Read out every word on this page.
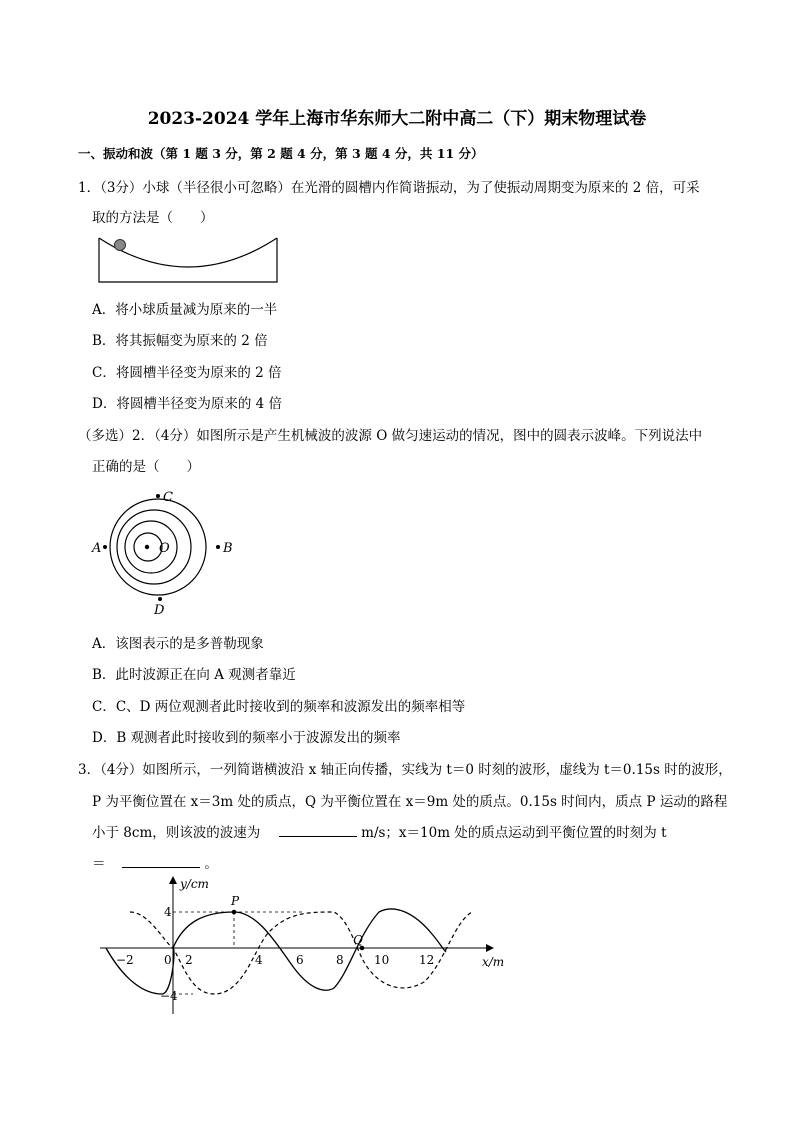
2023-2024 学年上海市华东师大二附中高二（下）期末物理试卷
一、振动和波（第 1 题 3 分，第 2 题 4 分，第 3 题 4 分，共 11 分）
1．（3分）小球（半径很小可忽略）在光滑的圆槽内作简谐振动，为了使振动周期变为原来的 2 倍，可采
取的方法是（　　）
A．将小球质量减为原来的一半
B．将其振幅变为原来的 2 倍
C．将圆槽半径变为原来的 2 倍
D．将圆槽半径变为原来的 4 倍
（多选）2．（4分）如图所示是产生机械波的波源 O 做匀速运动的情况，图中的圆表示波峰。下列说法中
正确的是（　　）
O
C
A	B
D
A．该图表示的是多普勒现象
B．此时波源正在向 A 观测者靠近
C．C、D 两位观测者此时接收到的频率和波源发出的频率相等
D．B 观测者此时接收到的频率小于波源发出的频率
3．（4分）如图所示，一列简谐横波沿 x 轴正向传播，实线为 t＝0 时刻的波形，虚线为 t＝0.15s 时的波形，
P 为平衡位置在 x＝3m 处的质点，Q 为平衡位置在 x＝9m 处的质点。0.15s 时间内，质点 P 运动的路程
小于 8cm，则该波的波速为	m/s；x＝10m 处的质点运动到平衡位置的时刻为 t
＝	。
y/cm
x/m
−2	0 2	4	6	8	10 12
4
−4
P
Q
